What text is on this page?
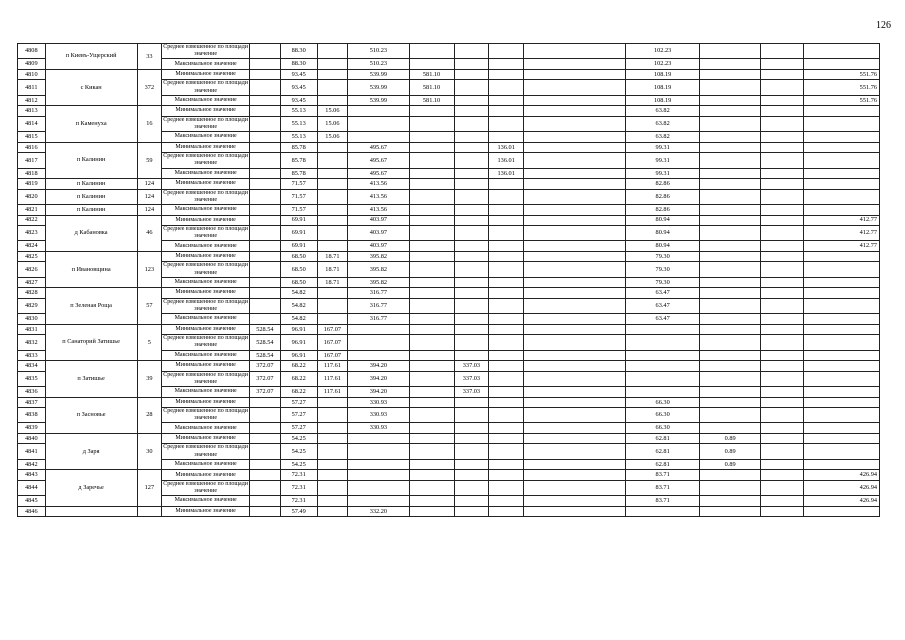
126
4808	п Киевъ-Ущерский	33	Среднее взвешенное по площади значение		88.30		510.23					102.23			
4809			Максимальное значение		88.30		510.23					102.23			
4810	с Кикан	372	Минимальное значение		93.45		539.99	581.10				108.19			551.76
4811			Среднее взвешенное по площади значение		93.45		539.99	581.10				108.19			551.76
4812			Максимальное значение		93.45		539.99	581.10				108.19			551.76
4813	п Каменуха	16	Минимальное значение		55.13	15.06						63.82			
4814			Среднее взвешенное по площади значение		55.13	15.06						63.82			
4815			Максимальное значение		55.13	15.06						63.82			
4816	п Калинин	59	Минимальное значение		85.78		495.67			136.01		99.31			
4817			Среднее взвешенное по площади значение		85.78		495.67			136.01		99.31			
4818			Максимальное значение		85.78		495.67			136.01		99.31			
4819	п Калинин	124	Минимальное значение		71.57		413.56					82.86			
4820	п Калинин	124	Среднее взвешенное по площади значение		71.57		413.56					82.86			
4821	п Калинин	124	Максимальное значение		71.57		413.56					82.86			
4822	д Кабановка	46	Минимальное значение		69.91		403.97					80.94			412.77
4823			Среднее взвешенное по площади значение		69.91		403.97					80.94			412.77
4824			Максимальное значение		69.91		403.97					80.94			412.77
4825	п Ивановщина	123	Минимальное значение		68.50	18.71	395.82					79.30			
4826			Среднее взвешенное по площади значение		68.50	18.71	395.82					79.30			
4827			Максимальное значение		68.50	18.71	395.82					79.30			
4828	п Зеленая Роща	57	Минимальное значение		54.82		316.77					63.47			
4829			Среднее взвешенное по площади значение		54.82		316.77					63.47			
4830			Максимальное значение		54.82		316.77					63.47			
4831	п Санаторий Затишье	5	Минимальное значение	528.54	96.91	167.07									
4832			Среднее взвешенное по площади значение	528.54	96.91	167.07									
4833			Максимальное значение	528.54	96.91	167.07									
4834	п Затишье	39	Минимальное значение	372.07	68.22	117.61	394.20		337.03						
4835			Среднее взвешенное по площади значение	372.07	68.22	117.61	394.20		337.03						
4836			Максимальное значение	372.07	68.22	117.61	394.20		337.03						
4837	п Засновье	28	Минимальное значение		57.27		330.93					66.30			
4838			Среднее взвешенное по площади значение		57.27		330.93					66.30			
4839			Максимальное значение		57.27		330.93					66.30			
4840	д Заря	30	Минимальное значение		54.25							62.81	0.89		
4841			Среднее взвешенное по площади значение		54.25							62.81	0.89		
4842			Максимальное значение		54.25							62.81	0.89		
4843	д Заречье	127	Минимальное значение		72.31							83.71			426.94
4844			Среднее взвешенное по площади значение		72.31							83.71			426.94
4845			Максимальное значение		72.31							83.71			426.94
4846			Минимальное значение		57.49		332.20								
